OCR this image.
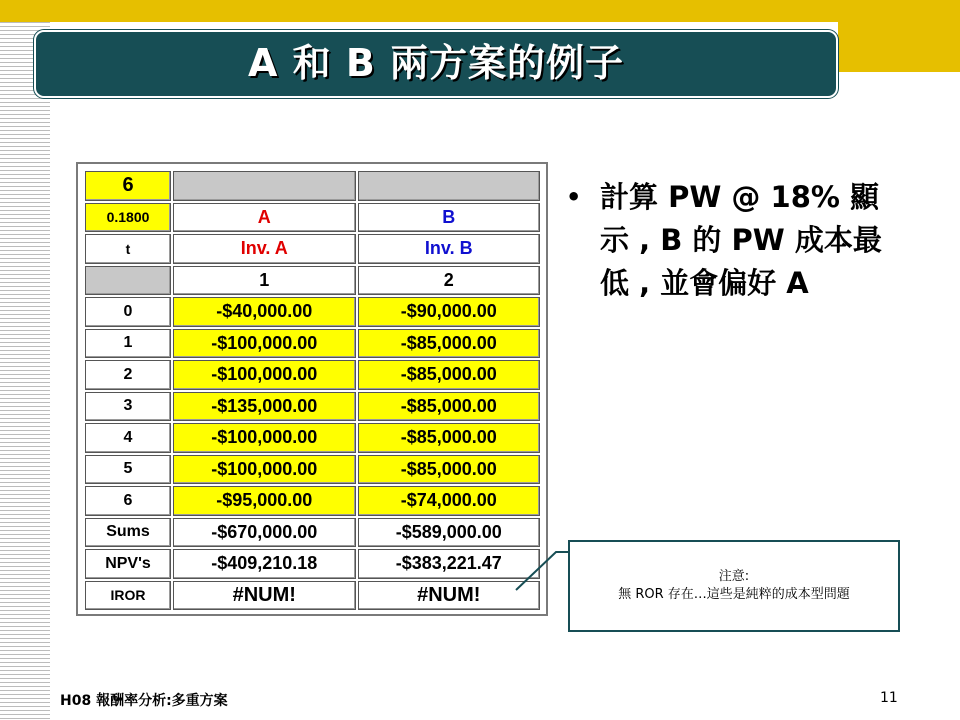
A 和 B 兩方案的例子
6		
0.1800	A	B
t	Inv. A	Inv. B
	1	2
0	-$40,000.00	-$90,000.00
1	-$100,000.00	-$85,000.00
2	-$100,000.00	-$85,000.00
3	-$135,000.00	-$85,000.00
4	-$100,000.00	-$85,000.00
5	-$100,000.00	-$85,000.00
6	-$95,000.00	-$74,000.00
Sums	-$670,000.00	-$589,000.00
NPV's	-$409,210.18	-$383,221.47
IROR	#NUM!	#NUM!
• 計算 PW @ 18% 顯示 , B 的 PW 成本最低 , 並會偏好 A
注意:
無 ROR 存在…這些是純粹的成本型問題
H08 報酬率分析:多重方案	11
